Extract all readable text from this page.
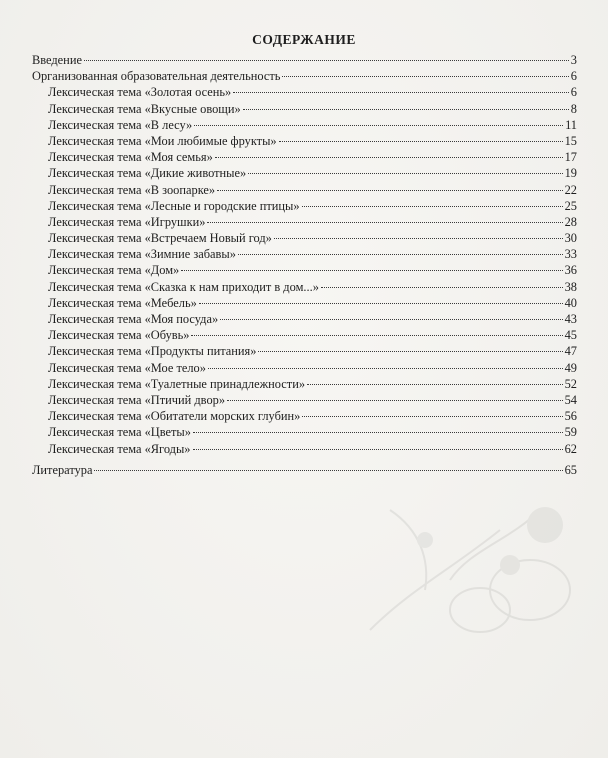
СОДЕРЖАНИЕ
Введение	3
Организованная образовательная деятельность	6
Лексическая тема «Золотая осень»	6
Лексическая тема «Вкусные овощи»	8
Лексическая тема «В лесу»	11
Лексическая тема «Мои любимые фрукты»	15
Лексическая тема «Моя семья»	17
Лексическая тема «Дикие животные»	19
Лексическая тема «В зоопарке»	22
Лексическая тема «Лесные и городские птицы»	25
Лексическая тема «Игрушки»	28
Лексическая тема «Встречаем Новый год»	30
Лексическая тема «Зимние забавы»	33
Лексическая тема «Дом»	36
Лексическая тема «Сказка к нам приходит в дом...»	38
Лексическая тема «Мебель»	40
Лексическая тема «Моя посуда»	43
Лексическая тема «Обувь»	45
Лексическая тема «Продукты питания»	47
Лексическая тема «Мое тело»	49
Лексическая тема «Туалетные принадлежности»	52
Лексическая тема «Птичий двор»	54
Лексическая тема «Обитатели морских глубин»	56
Лексическая тема «Цветы»	59
Лексическая тема «Ягоды»	62
Литература	65
